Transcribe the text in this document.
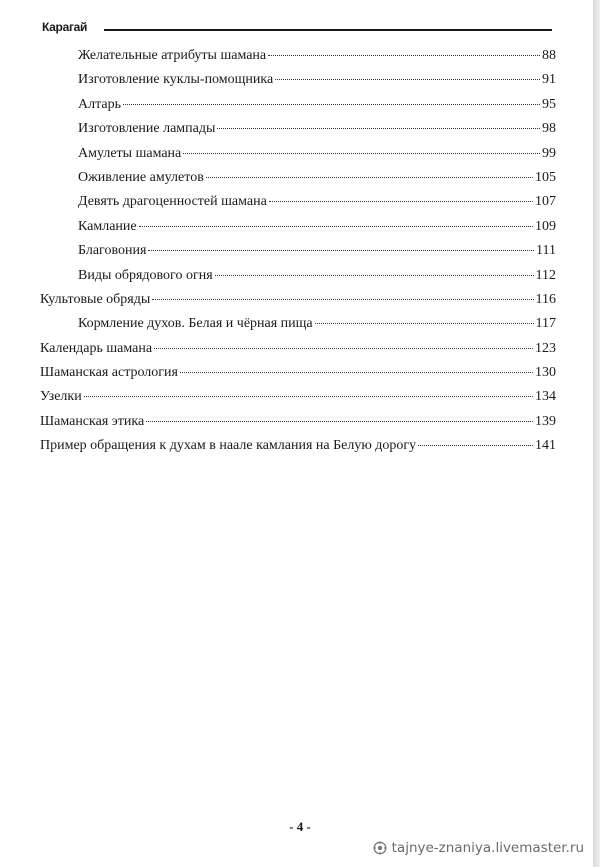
Карагай
Желательные атрибуты шамана	88
Изготовление куклы-помощника	91
Алтарь	95
Изготовление лампады	98
Амулеты шамана	99
Оживление амулетов	105
Девять драгоценностей шамана	107
Камлание	109
Благовония	111
Виды обрядового огня	112
Культовые обряды	116
Кормление духов. Белая и чёрная пища	117
Календарь шамана	123
Шаманская астрология	130
Узелки	134
Шаманская этика	139
Пример обращения к духам в наале камлания на Белую дорогу	141
- 4 -
tajnye-znaniya.livemaster.ru
